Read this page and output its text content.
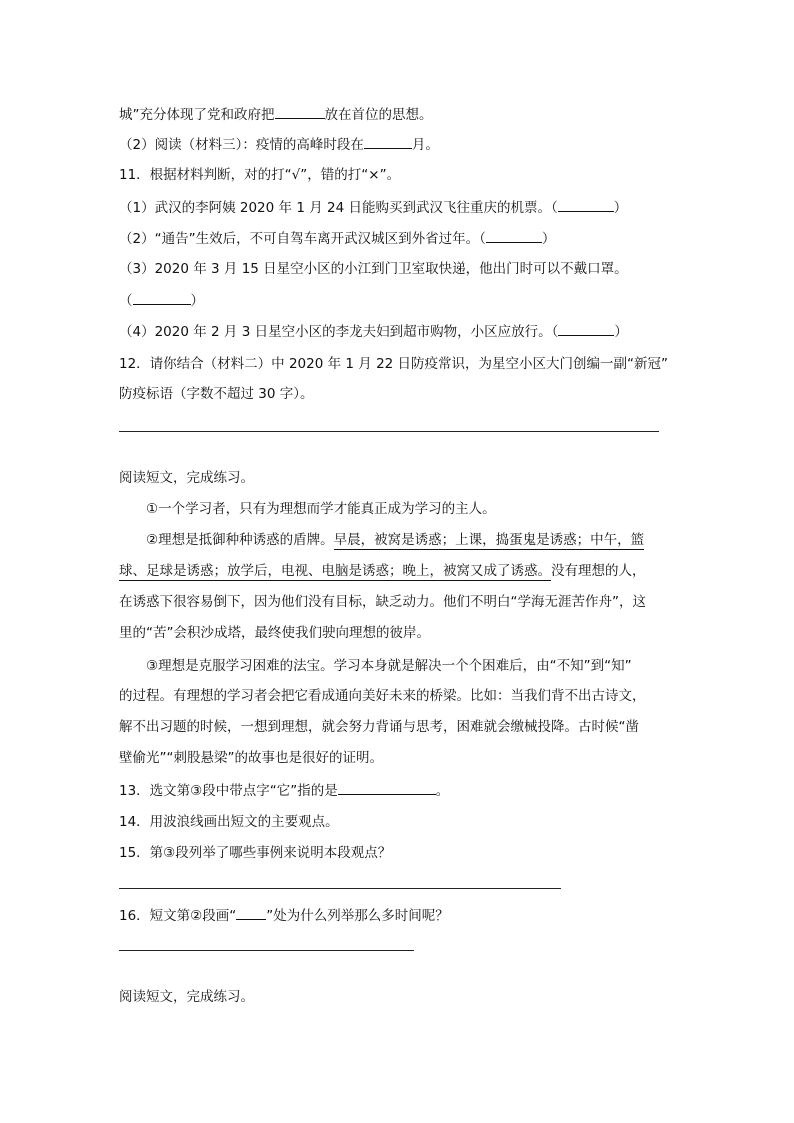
城”充分体现了党和政府把	放在首位的思想。
（2）阅读（材料三）：疫情的高峰时段在	月。
11．根据材料判断，对的打“√”，错的打“×”。
（1）武汉的李阿姨 2020 年 1 月 24 日能购买到武汉飞往重庆的机票。（	）
（2）“通告”生效后，不可自驾车离开武汉城区到外省过年。（	）
（3）2020 年 3 月 15 日星空小区的小江到门卫室取快递，他出门时可以不戴口罩。
（	）
（4）2020 年 2 月 3 日星空小区的李龙夫妇到超市购物，小区应放行。（	）
12．请你结合（材料二）中 2020 年 1 月 22 日防疫常识，为星空小区大门创编一副“新冠”
防疫标语（字数不超过 30 字）。
阅读短文，完成练习。
①一个学习者，只有为理想而学才能真正成为学习的主人。
②理想是抵御种种诱惑的盾牌。早晨，被窝是诱惑；上课，捣蛋鬼是诱惑；中午，篮
球、足球是诱惑；放学后，电视、电脑是诱惑；晚上，被窝又成了诱惑。没有理想的人，
在诱惑下很容易倒下，因为他们没有目标，缺乏动力。他们不明白“学海无涯苦作舟”，这
里的“苦”会积沙成塔，最终使我们驶向理想的彼岸。
③理想是克服学习困难的法宝。学习本身就是解决一个个困难后，由“不知”到“知”
的过程。有理想的学习者会把它看成通向美好未来的桥梁。比如：当我们背不出古诗文，
解不出习题的时候，一想到理想，就会努力背诵与思考，困难就会缴械投降。古时候“凿
壁偷光”“刺股悬梁”的故事也是很好的证明。
13．选文第③段中带点字“它”指的是	。
14．用波浪线画出短文的主要观点。
15．第③段列举了哪些事例来说明本段观点？
16．短文第②段画“ ”处为什么列举那么多时间呢？
阅读短文，完成练习。
